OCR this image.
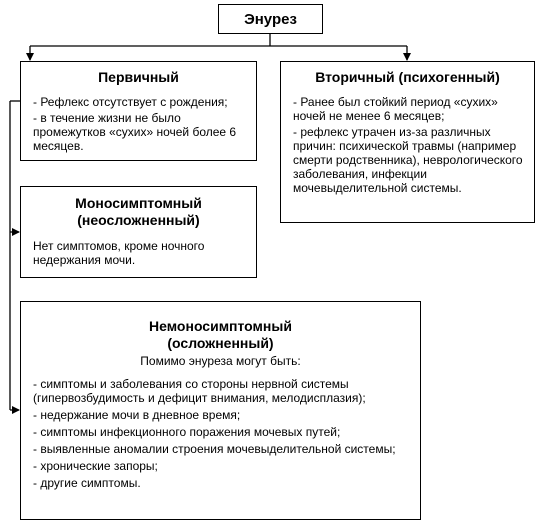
Энурез
Первичный
- Рефлекс отсутствует с рождения;
- в течение жизни не было промежутков «сухих» ночей более 6 месяцев.
Вторичный (психогенный)
- Ранее был стойкий период «сухих» ночей не менее 6 месяцев;
- рефлекс утрачен из-за различных причин: психической травмы (например смерти родственника), неврологического заболевания, инфекции мочевыделительной системы.
Моносимптомный
(неосложненный)
Нет симптомов, кроме ночного недержания мочи.
Немоносимптомный
(осложненный)
Помимо энуреза могут быть:
- симптомы и заболевания со стороны нервной системы (гипервозбудимость и дефицит внимания, мелодисплазия);
- недержание мочи в дневное время;
- симптомы инфекционного поражения мочевых путей;
- выявленные аномалии строения мочевыделительной системы;
- хронические запоры;
- другие симптомы.
